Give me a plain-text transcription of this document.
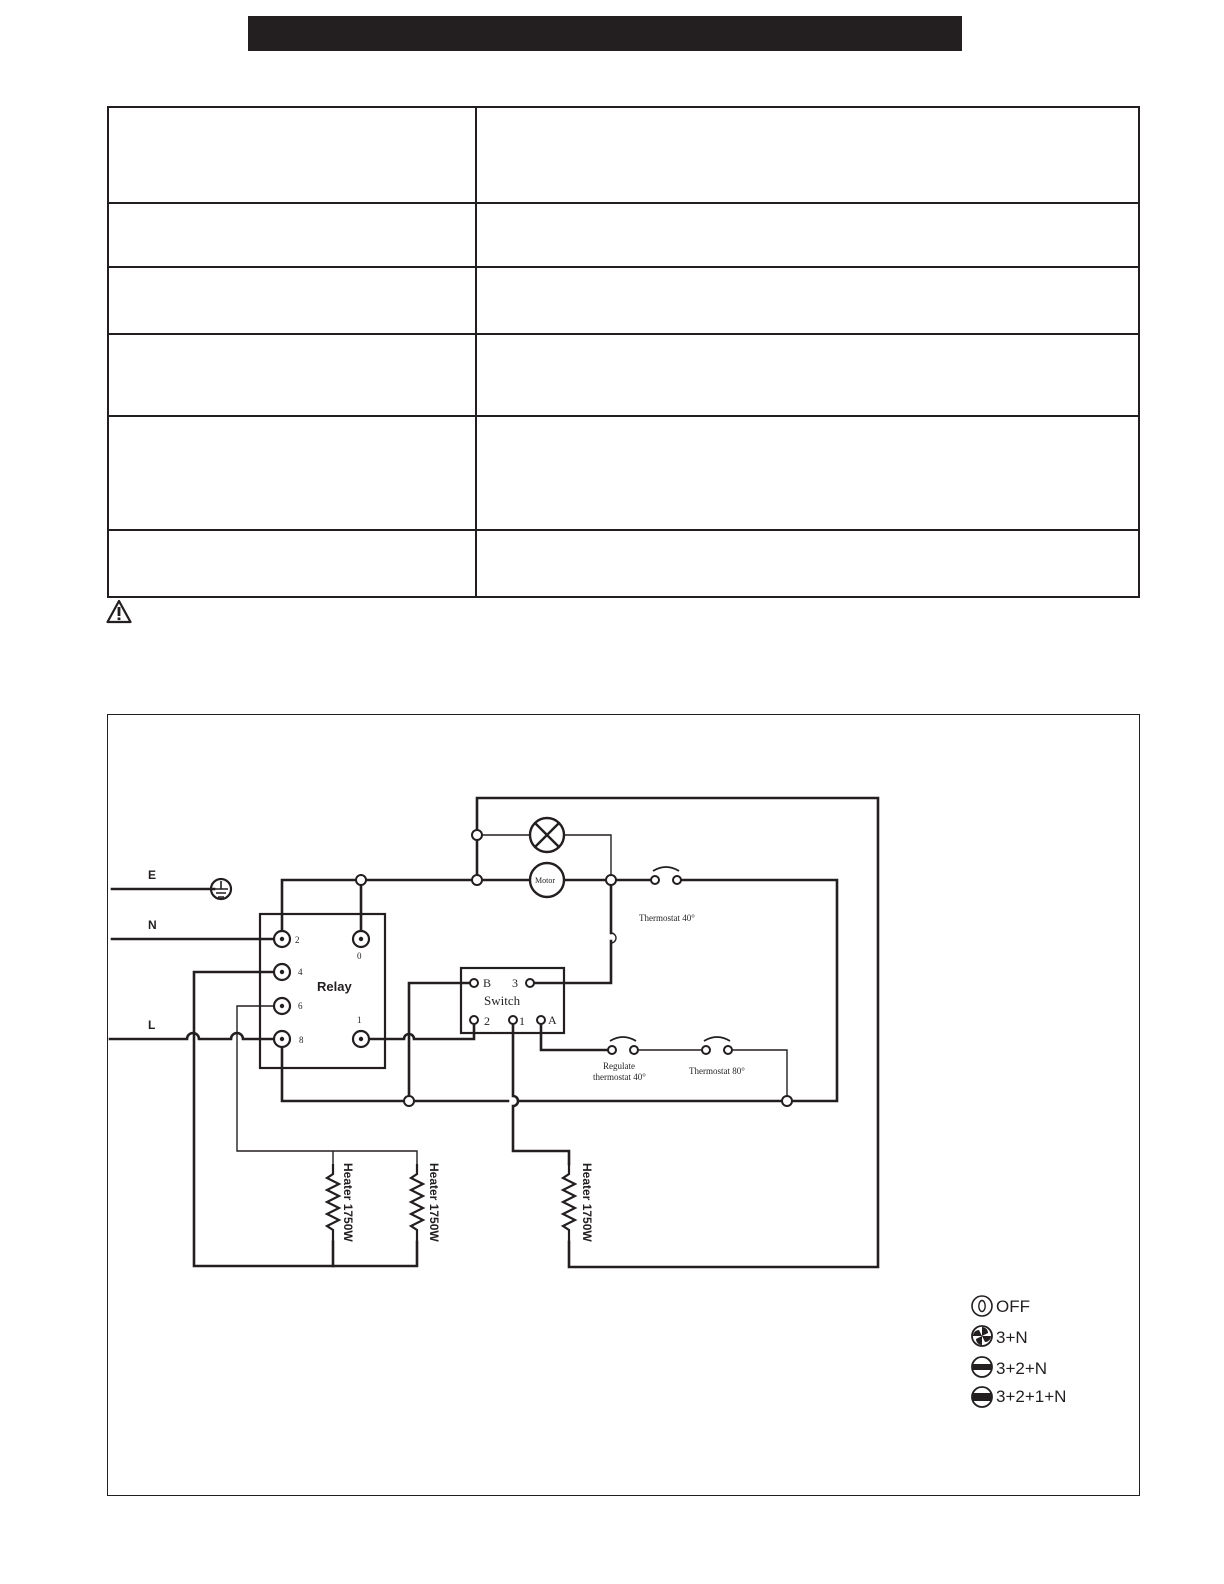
E
N
L
Relay
2
4
6
8
0
1
Switch
B 3
2 1 A
Motor
Thermostat 40°
Regulate
thermostat 40°
Thermostat 80°
Heater 1750W	Heater 1750W	Heater 1750W
OFF
3+N
3+2+N
3+2+1+N
